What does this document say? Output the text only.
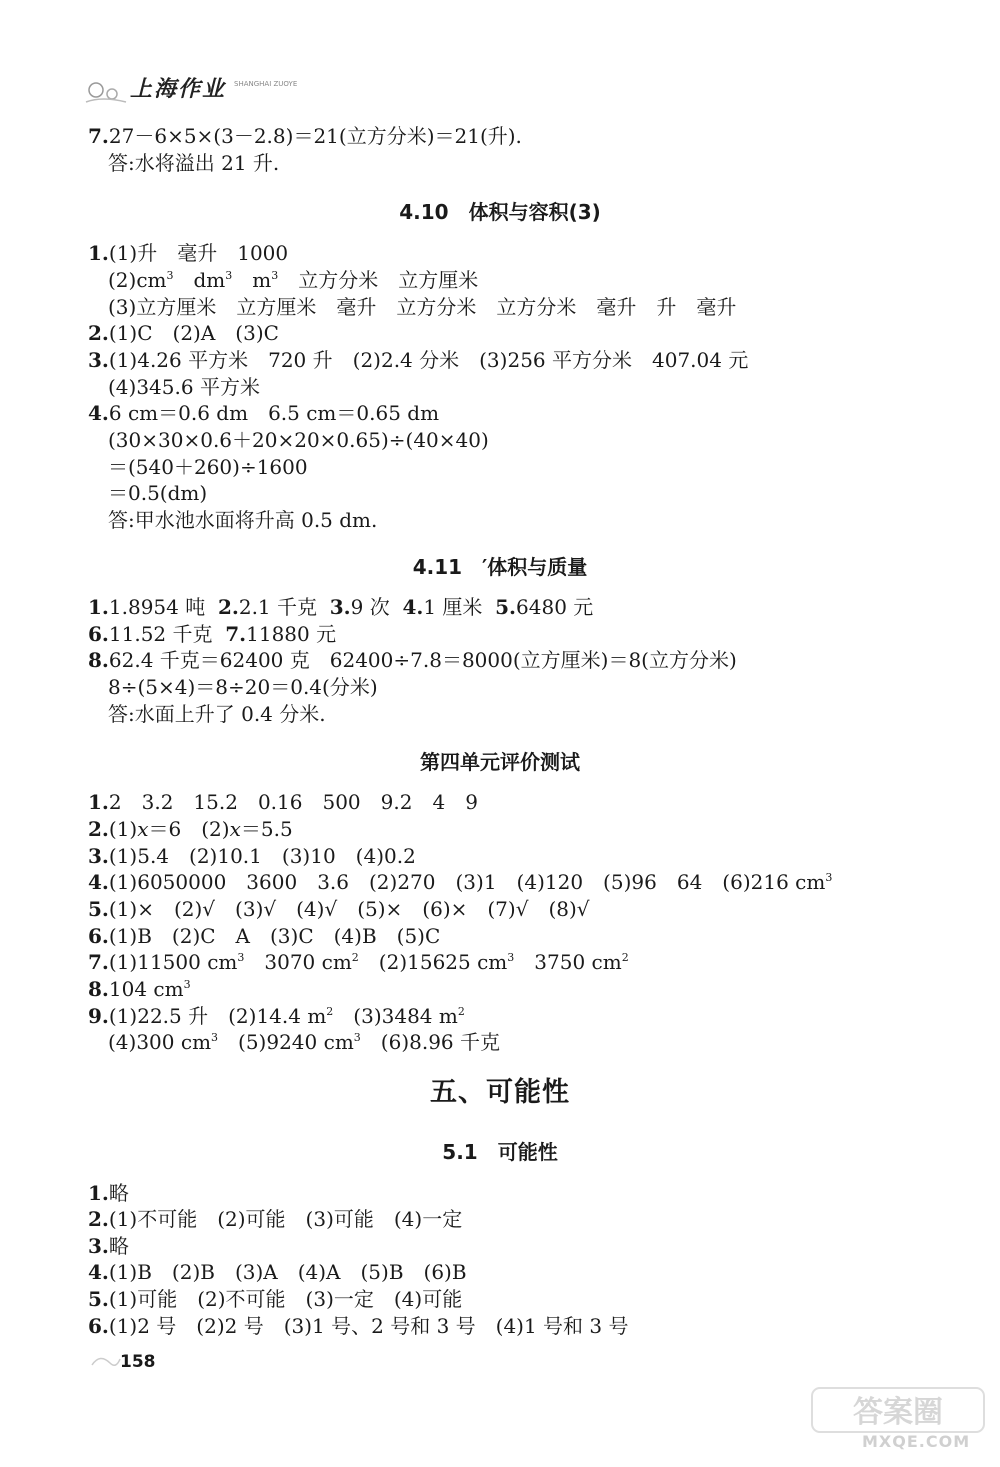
上海作业 SHANGHAI ZUOYE
7.27－6×5×(3－2.8)＝21(立方分米)＝21(升).
答:水将溢出 21 升.
4.10　体积与容积(3)
1.(1)升　毫升　1000
$(2)cm^3$　 $dm^3$　 $m^3$　 立方分米　立方厘米
(3)立方厘米　立方厘米　毫升　立方分米　立方分米　毫升　升　毫升
2.(1)C　(2)A　(3)C
3.(1)4.26 平方米　720 升　(2)2.4 分米　(3)256 平方分米　407.04 元
(4)345.6 平方米
4.6 cm＝0.6 dm　6.5 cm＝0.65 dm
(30×30×0.6＋20×20×0.65)÷(40×40)
＝(540＋260)÷1600
＝0.5(dm)
答:甲水池水面将升高 0.5 dm.
4.11　′体积与质量
1.1.8954 吨 2.2.1 千克 3.9 次 4.1 厘米 5.6480 元
6.11.52 千克 7.11880 元
8.62.4 千克＝62400 克　62400÷7.8＝8000(立方厘米)＝8(立方分米)
8÷(5×4)＝8÷20＝0.4(分米)
答:水面上升了 0.4 分米.
第四单元评价测试
1.2　3.2　15.2　0.16　500　9.2　4　9
2.(1)x＝6　(2)x＝5.5
3.(1)5.4　(2)10.1　(3)10　(4)0.2
4.(1)6050000　3600　3.6　(2)270　(3)1　(4)120　(5)96　64　(6)216 $cm^3$
5.(1)×　(2)√　(3)√　(4)√　(5)×　(6)×　(7)√　(8)√
6.(1)B　(2)C　A　(3)C　(4)B　(5)C
7.(1)11500 $cm^3$　 3070 $cm^2$　 (2)15625 $cm^3$　 3750 $cm^2$
8.104 $cm^3$
9.(1)22.5 升　(2)14.4 $m^2$　 (3)3484 $m^2$
(4)300 $cm^3$　 (5)9240 $cm^3$　 (6)8.96 千克
五、可能性
5.1　可能性
1.略
2.(1)不可能　(2)可能　(3)可能　(4)一定
3.略
4.(1)B　(2)B　(3)A　(4)A　(5)B　(6)B
5.(1)可能　(2)不可能　(3)一定　(4)可能
6.(1)2 号　(2)2 号　(3)1 号、2 号和 3 号　(4)1 号和 3 号
158
答案圈
MXQE.COM
